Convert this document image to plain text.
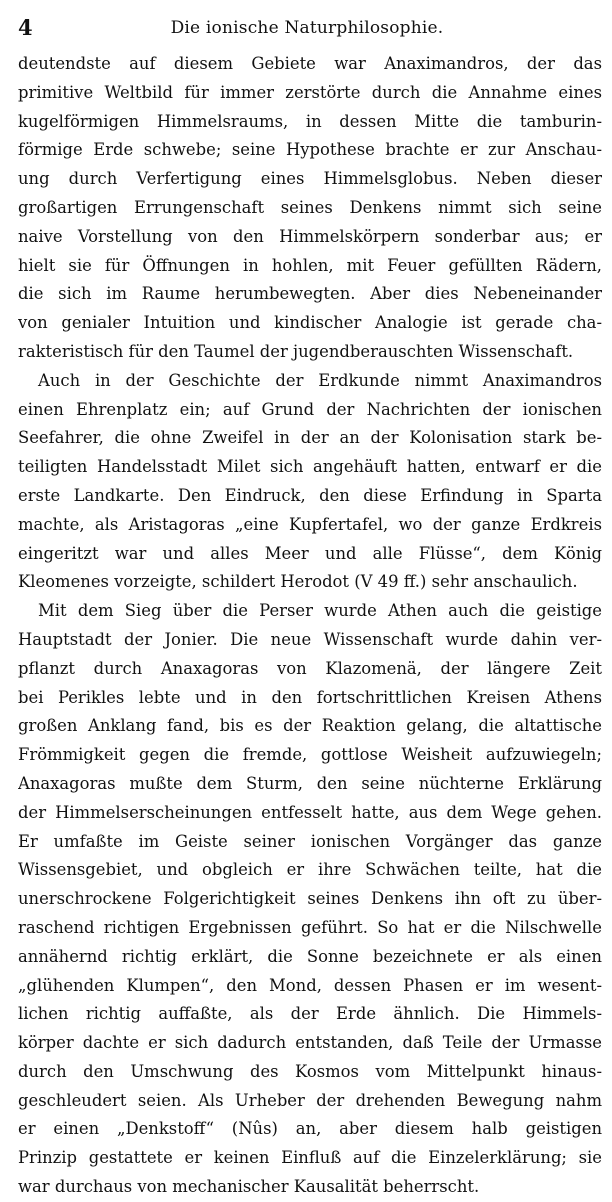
4	Die ionische Naturphilosophie.
deutendste auf diesem Gebiete war Anaximandros, der das
primitive Weltbild für immer zerstörte durch die Annahme eines
kugelförmigen Himmelsraums, in dessen Mitte die tamburin-
förmige Erde schwebe; seine Hypothese brachte er zur Anschau-
ung durch Verfertigung eines Himmelsglobus. Neben dieser
großartigen Errungenschaft seines Denkens nimmt sich seine
naive Vorstellung von den Himmelskörpern sonderbar aus; er
hielt sie für Öffnungen in hohlen, mit Feuer gefüllten Rädern,
die sich im Raume herumbewegten. Aber dies Nebeneinander
von genialer Intuition und kindischer Analogie ist gerade cha-
rakteristisch für den Taumel der jugendberauschten Wissenschaft.
Auch in der Geschichte der Erdkunde nimmt Anaximandros
einen Ehrenplatz ein; auf Grund der Nachrichten der ionischen
Seefahrer, die ohne Zweifel in der an der Kolonisation stark be-
teiligten Handelsstadt Milet sich angehäuft hatten, entwarf er die
erste Landkarte. Den Eindruck, den diese Erfindung in Sparta
machte, als Aristagoras „eine Kupfertafel, wo der ganze Erdkreis
eingeritzt war und alles Meer und alle Flüsse“, dem König
Kleomenes vorzeigte, schildert Herodot (V 49 ff.) sehr anschaulich.
Mit dem Sieg über die Perser wurde Athen auch die geistige
Hauptstadt der Jonier. Die neue Wissenschaft wurde dahin ver-
pflanzt durch Anaxagoras von Klazomenä, der längere Zeit
bei Perikles lebte und in den fortschrittlichen Kreisen Athens
großen Anklang fand, bis es der Reaktion gelang, die altattische
Frömmigkeit gegen die fremde, gottlose Weisheit aufzuwiegeln;
Anaxagoras mußte dem Sturm, den seine nüchterne Erklärung
der Himmelserscheinungen entfesselt hatte, aus dem Wege gehen.
Er umfaßte im Geiste seiner ionischen Vorgänger das ganze
Wissensgebiet, und obgleich er ihre Schwächen teilte, hat die
unerschrockene Folgerichtigkeit seines Denkens ihn oft zu über-
raschend richtigen Ergebnissen geführt. So hat er die Nilschwelle
annähernd richtig erklärt, die Sonne bezeichnete er als einen
„glühenden Klumpen“, den Mond, dessen Phasen er im wesent-
lichen richtig auffaßte, als der Erde ähnlich. Die Himmels-
körper dachte er sich dadurch entstanden, daß Teile der Urmasse
durch den Umschwung des Kosmos vom Mittelpunkt hinaus-
geschleudert seien. Als Urheber der drehenden Bewegung nahm
er einen „Denkstoff“ (Nûs) an, aber diesem halb geistigen
Prinzip gestattete er keinen Einfluß auf die Einzelerklärung; sie
war durchaus von mechanischer Kausalität beherrscht.
